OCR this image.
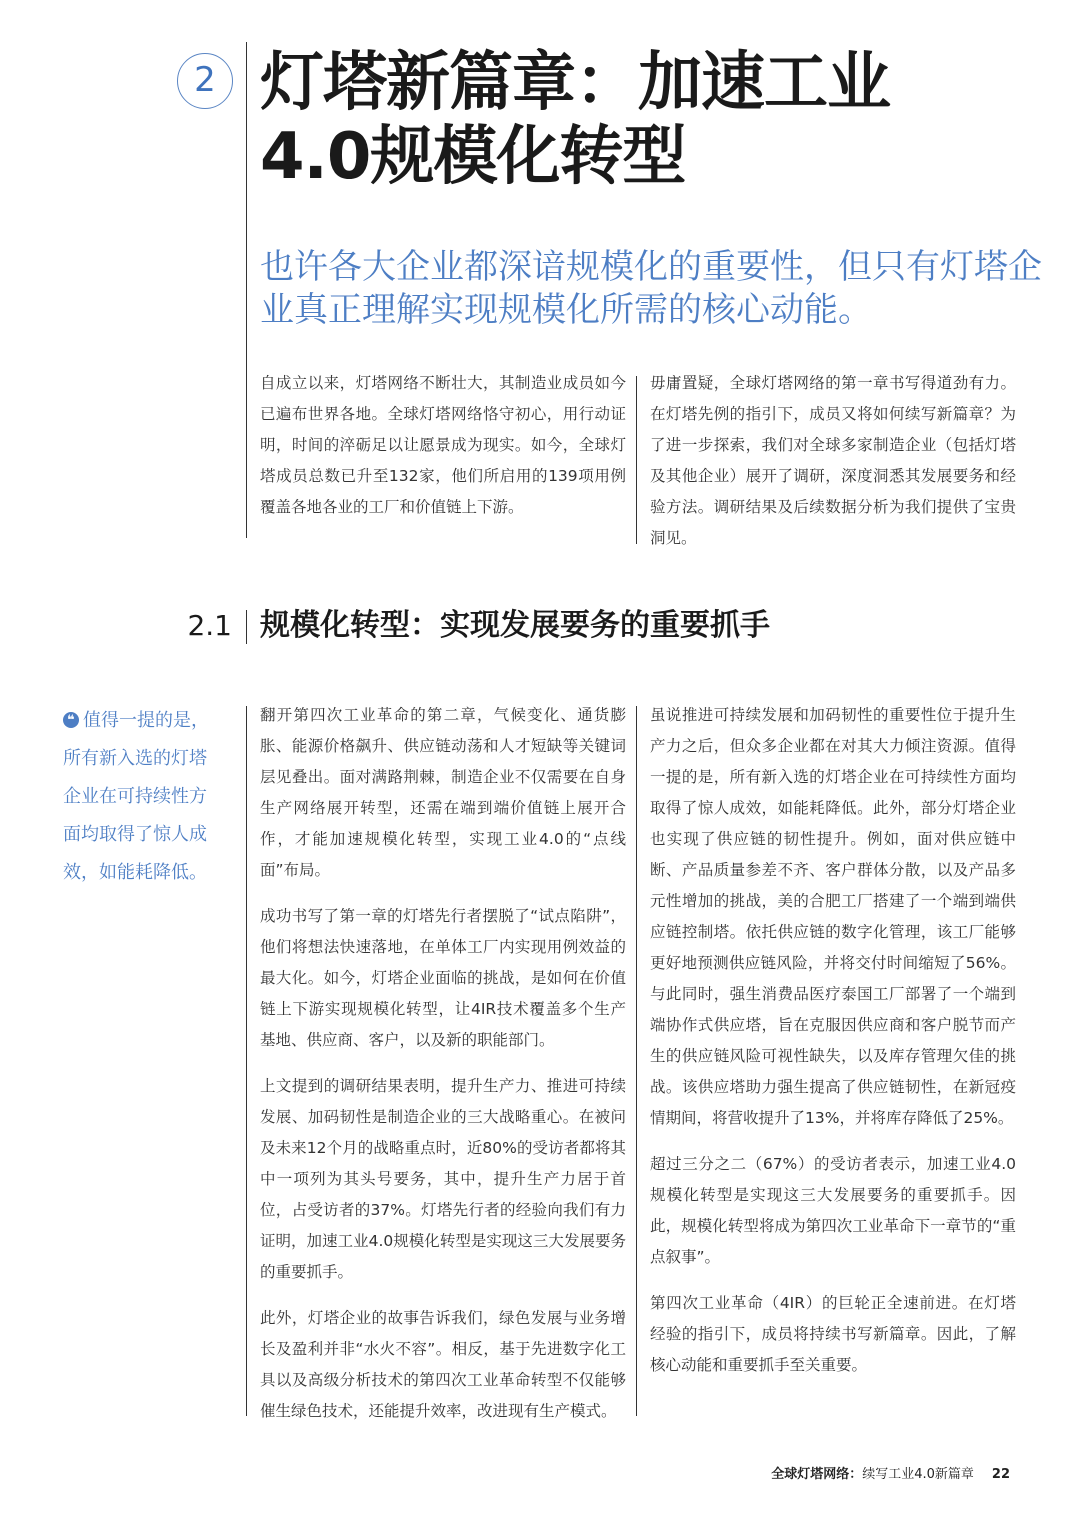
2 灯塔新篇章：加速工业
4.0规模化转型
也许各大企业都深谙规模化的重要性，但只有灯塔企业真正理解实现规模化所需的核心动能。

自成立以来，灯塔网络不断壮大，其制造业成员如今已遍布世界各地。全球灯塔网络恪守初心，用行动证明，时间的淬砺足以让愿景成为现实。如今，全球灯塔成员总数已升至132家，他们所启用的139项用例覆盖各地各业的工厂和价值链上下游。

毋庸置疑，全球灯塔网络的第一章书写得道劲有力。在灯塔先例的指引下，成员又将如何续写新篇章？为了进一步探索，我们对全球多家制造企业（包括灯塔及其他企业）展开了调研，深度洞悉其发展要务和经验方法。调研结果及后续数据分析为我们提供了宝贵洞见。

2.1 规模化转型：实现发展要务的重要抓手
❝ 值得一提的是，所有新入选的灯塔企业在可持续性方面均取得了惊人成效，如能耗降低。

翻开第四次工业革命的第二章，气候变化、通货膨胀、能源价格飙升、供应链动荡和人才短缺等关键词层见叠出。面对满路荆棘，制造企业不仅需要在自身生产网络展开转型，还需在端到端价值链上展开合作，才能加速规模化转型，实现工业4.0的“点线面”布局。

成功书写了第一章的灯塔先行者摆脱了“试点陷阱”，他们将想法快速落地，在单体工厂内实现用例效益的最大化。如今，灯塔企业面临的挑战，是如何在价值链上下游实现规模化转型，让4IR技术覆盖多个生产基地、供应商、客户，以及新的职能部门。

上文提到的调研结果表明，提升生产力、推进可持续发展、加码韧性是制造企业的三大战略重心。在被问及未来12个月的战略重点时，近80%的受访者都将其中一项列为其头号要务，其中，提升生产力居于首位，占受访者的37%。灯塔先行者的经验向我们有力证明，加速工业4.0规模化转型是实现这三大发展要务的重要抓手。

此外，灯塔企业的故事告诉我们，绿色发展与业务增长及盈利并非“水火不容”。相反，基于先进数字化工具以及高级分析技术的第四次工业革命转型不仅能够催生绿色技术，还能提升效率，改进现有生产模式。

虽说推进可持续发展和加码韧性的重要性位于提升生产力之后，但众多企业都在对其大力倾注资源。值得一提的是，所有新入选的灯塔企业在可持续性方面均取得了惊人成效，如能耗降低。此外，部分灯塔企业也实现了供应链的韧性提升。例如，面对供应链中断、产品质量参差不齐、客户群体分散，以及产品多元性增加的挑战，美的合肥工厂搭建了一个端到端供应链控制塔。依托供应链的数字化管理，该工厂能够更好地预测供应链风险，并将交付时间缩短了56%。与此同时，强生消费品医疗泰国工厂部署了一个端到端协作式供应塔，旨在克服因供应商和客户脱节而产生的供应链风险可视性缺失，以及库存管理欠佳的挑战。该供应塔助力强生提高了供应链韧性，在新冠疫情期间，将营收提升了13%，并将库存降低了25%。

超过三分之二（67%）的受访者表示，加速工业4.0规模化转型是实现这三大发展要务的重要抓手。因此，规模化转型将成为第四次工业革命下一章节的“重点叙事”。

第四次工业革命（4IR）的巨轮正全速前进。在灯塔经验的指引下，成员将持续书写新篇章。因此，了解核心动能和重要抓手至关重要。

全球灯塔网络：续写工业4.0新篇章 22
